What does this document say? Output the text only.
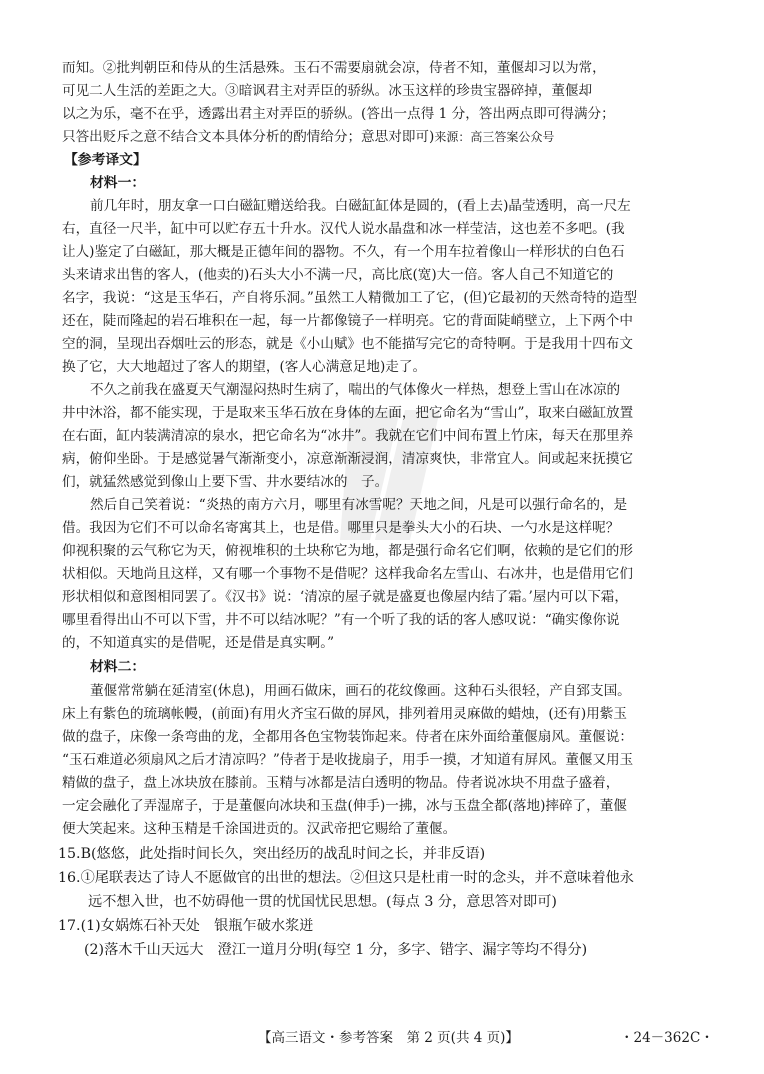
而知。②批判朝臣和侍从的生活悬殊。玉石不需要扇就会凉，侍者不知，董偃却习以为常，
可见二人生活的差距之大。③暗讽君主对弄臣的骄纵。冰玉这样的珍贵宝器碎掉，董偃却
以之为乐，毫不在乎，透露出君主对弄臣的骄纵。(答出一点得 1 分，答出两点即可得满分；
只答出贬斥之意不结合文本具体分析的酌情给分；意思对即可)来源：高三答案公众号
【参考译文】
材料一：
前几年时，朋友拿一口白磁缸赠送给我。白磁缸缸体是圆的，(看上去)晶莹透明，高一尺左
右，直径一尺半，缸中可以贮存五十升水。汉代人说水晶盘和冰一样莹洁，这也差不多吧。(我
让人)鉴定了白磁缸，那大概是正德年间的器物。不久，有一个用车拉着像山一样形状的白色石
头来请求出售的客人，(他卖的)石头大小不满一尺，高比底(宽)大一倍。客人自己不知道它的
名字，我说：“这是玉华石，产自将乐洞。”虽然工人精微加工了它，(但)它最初的天然奇特的造型
还在，陡而隆起的岩石堆积在一起，每一片都像镜子一样明亮。它的背面陡峭壁立，上下两个中
空的洞，呈现出吞烟吐云的形态，就是《小山赋》也不能描写完它的奇特啊。于是我用十四布文
换了它，大大地超过了客人的期望，(客人心满意足地)走了。
不久之前我在盛夏天气潮湿闷热时生病了，喘出的气体像火一样热，想登上雪山在冰凉的
井中沐浴，都不能实现，于是取来玉华石放在身体的左面，把它命名为“雪山”，取来白磁缸放置
在右面，缸内装满清凉的泉水，把它命名为“冰井”。我就在它们中间布置上竹床，每天在那里养
病，俯仰坐卧。于是感觉暑气渐渐变小，凉意渐渐浸润，清凉爽快，非常宜人。间或起来抚摸它
们，就猛然感觉到像山上要下雪、井水要结冰的　子。
然后自己笑着说：“炎热的南方六月，哪里有冰雪呢？天地之间，凡是可以强行命名的，是
借。我因为它们不可以命名寄寓其上，也是借。哪里只是拳头大小的石块、一勺水是这样呢？
仰视积聚的云气称它为天，俯视堆积的土块称它为地，都是强行命名它们啊，依赖的是它们的形
状相似。天地尚且这样，又有哪一个事物不是借呢？这样我命名左雪山、右冰井，也是借用它们
形状相似和意图相同罢了。《汉书》说：‘清凉的屋子就是盛夏也像屋内结了霜。’屋内可以下霜，
哪里看得出山不可以下雪，井不可以结冰呢？”有一个听了我的话的客人感叹说：“确实像你说
的，不知道真实的是借呢，还是借是真实啊。”
材料二：
董偃常常躺在延清室(休息)，用画石做床，画石的花纹像画。这种石头很轻，产自郅支国。
床上有紫色的琉璃帐幔，(前面)有用火齐宝石做的屏风，排列着用灵麻做的蜡烛，(还有)用紫玉
做的盘子，床像一条弯曲的龙，全都用各色宝物装饰起来。侍者在床外面给董偃扇风。董偃说：
“玉石难道必须扇风之后才清凉吗？”侍者于是收拢扇子，用手一摸，才知道有屏风。董偃又用玉
精做的盘子，盘上冰块放在膝前。玉精与冰都是洁白透明的物品。侍者说冰块不用盘子盛着，
一定会融化了弄湿席子，于是董偃向冰块和玉盘(伸手)一拂，冰与玉盘全都(落地)摔碎了，董偃
便大笑起来。这种玉精是千涂国进贡的。汉武帝把它赐给了董偃。
15.B(悠悠，此处指时间长久，突出经历的战乱时间之长，并非反语)
16.①尾联表达了诗人不愿做官的出世的想法。②但这只是杜甫一时的念头，并不意味着他永
远不想入世，也不妨碍他一贯的忧国忧民思想。(每点 3 分，意思答对即可)
17.(1)女娲炼石补天处　银瓶乍破水浆迸
(2)落木千山天远大　澄江一道月分明(每空 1 分，多字、错字、漏字等均不得分)
【高三语文・参考答案　第 2 页(共 4 页)】	・24－362C・
